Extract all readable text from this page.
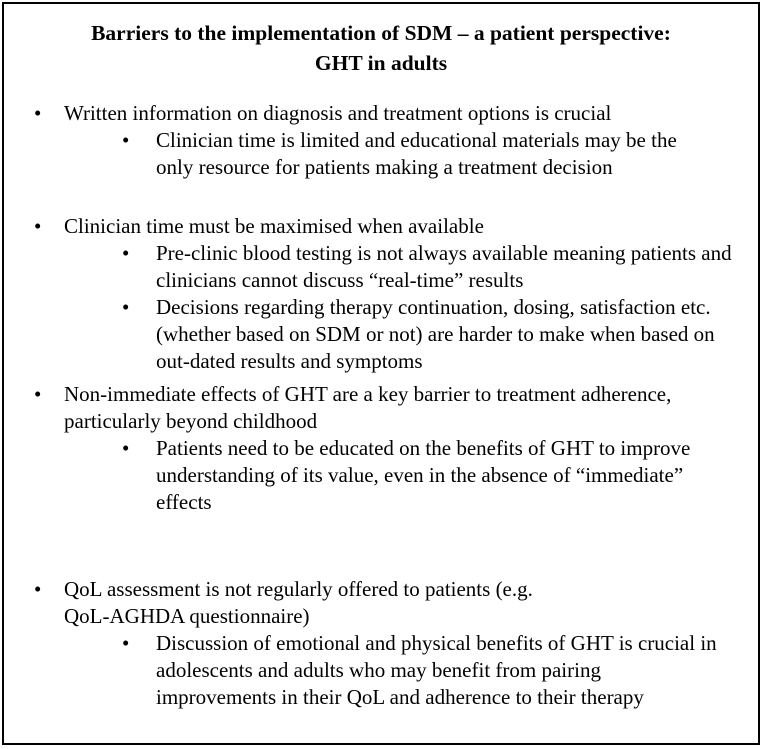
Barriers to the implementation of SDM – a patient perspective:
GHT in adults
•	Written information on diagnosis and treatment options is crucial
•	Clinician time is limited and educational materials may be the only resource for patients making a treatment decision
•	Clinician time must be maximised when available
•	Pre-clinic blood testing is not always available meaning patients and clinicians cannot discuss “real-time” results
•	Decisions regarding therapy continuation, dosing, satisfaction etc. (whether based on SDM or not) are harder to make when based on out-dated results and symptoms
•	Non-immediate effects of GHT are a key barrier to treatment adherence, particularly beyond childhood
•	Patients need to be educated on the benefits of GHT to improve understanding of its value, even in the absence of “immediate” effects
•	QoL assessment is not regularly offered to patients (e.g. QoL-AGHDA questionnaire)
•	Discussion of emotional and physical benefits of GHT is crucial in adolescents and adults who may benefit from pairing improvements in their QoL and adherence to their therapy
